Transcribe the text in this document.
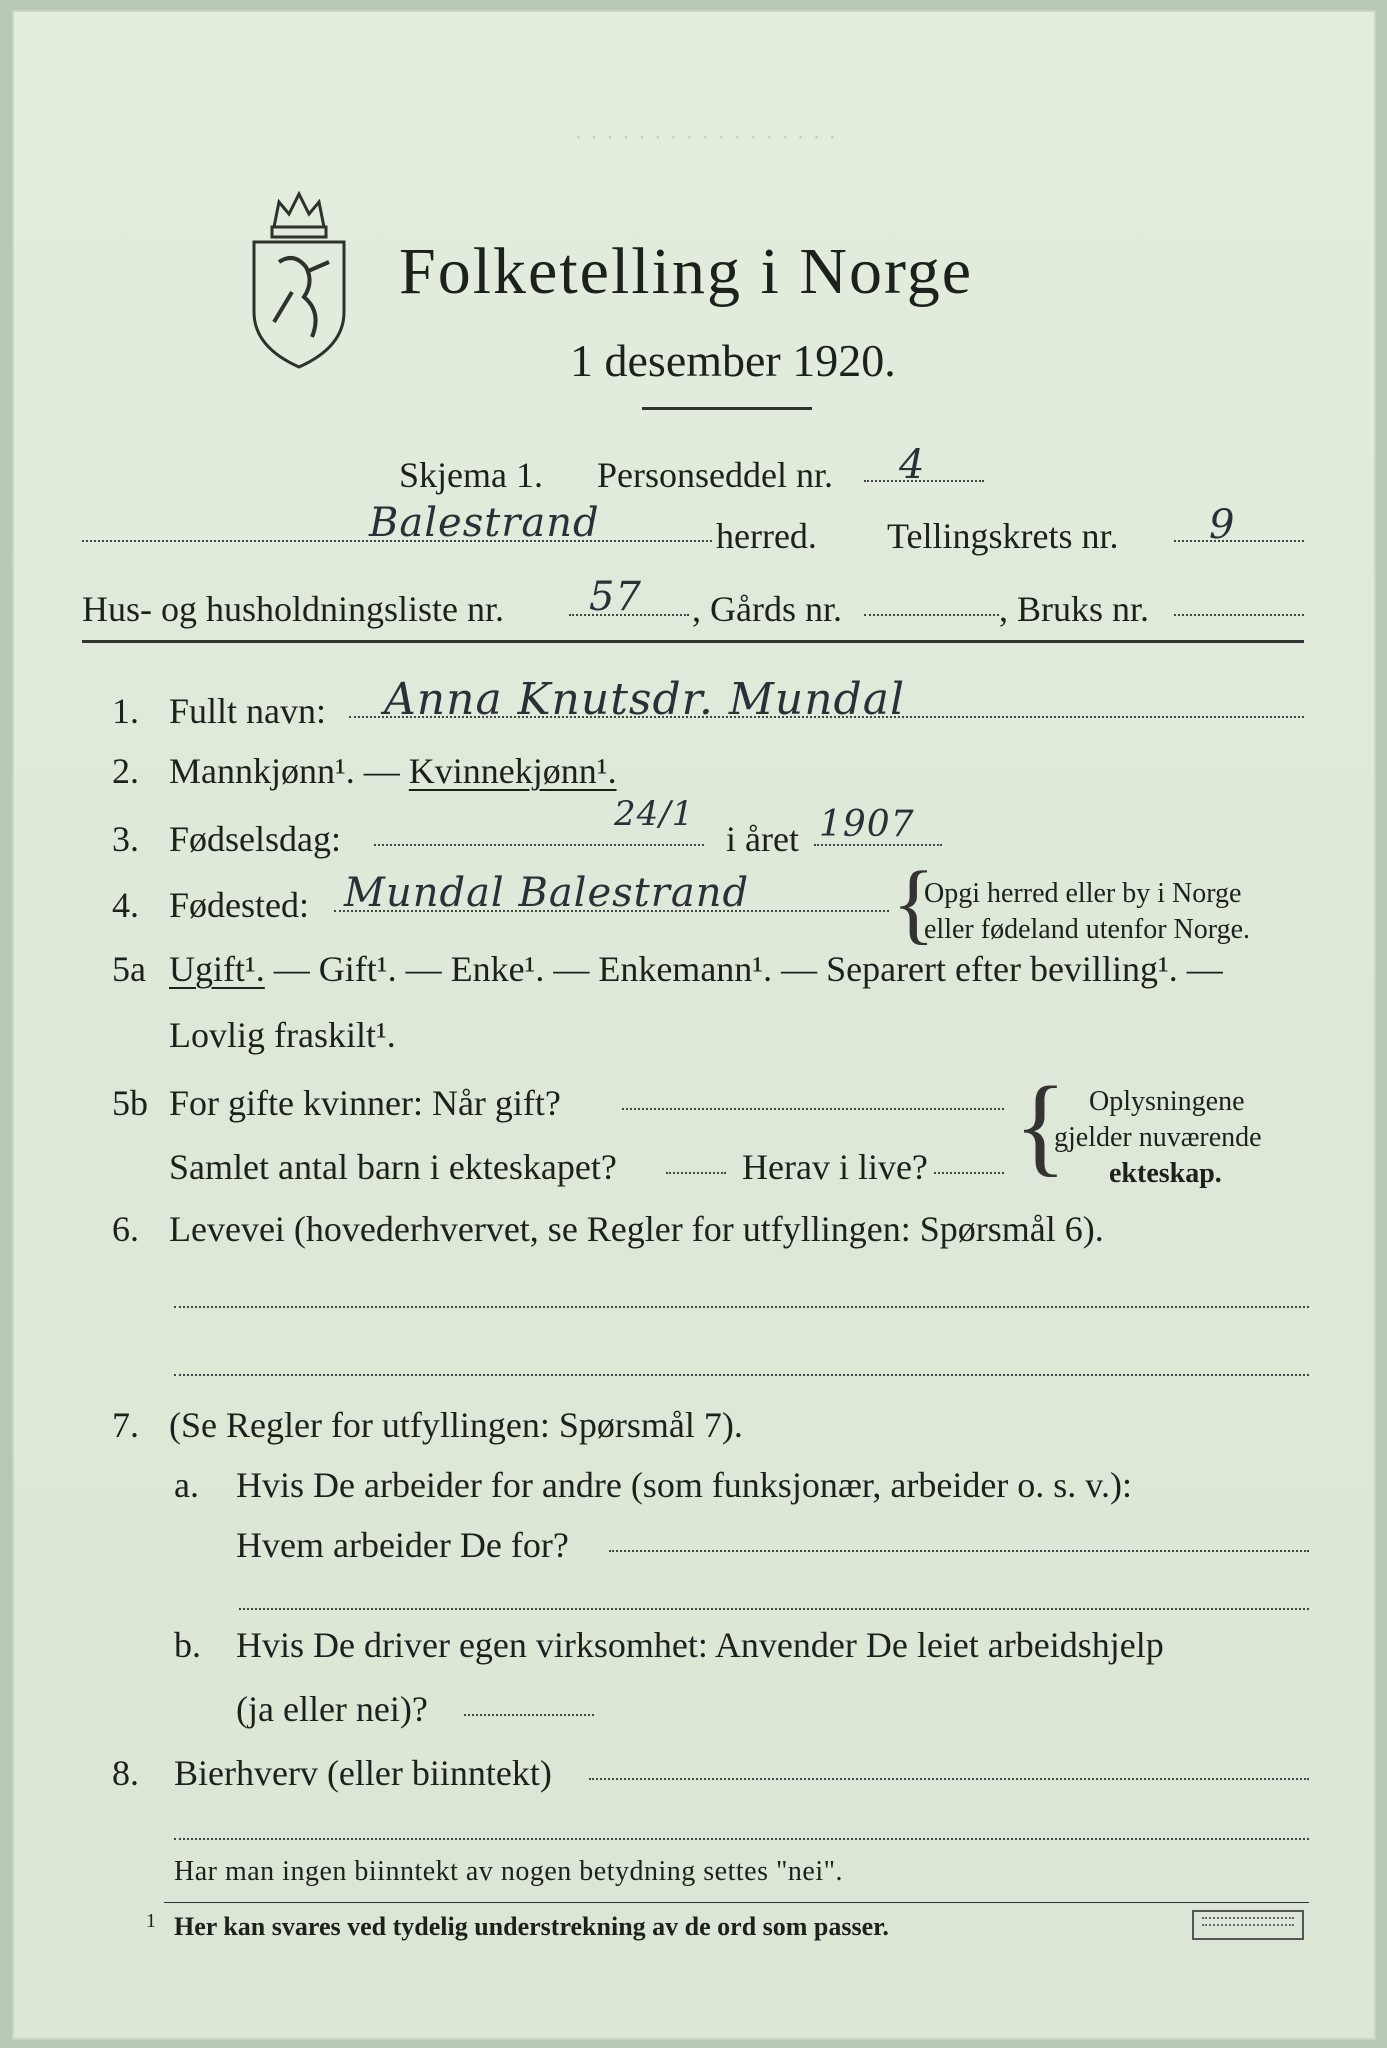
Folketelling i Norge
1 desember 1920.
· · · · · · · · · · · · · · · · ·
Skjema 1. Personseddel nr. 4
Balestrand	herred. Tellingskrets nr. 9
Hus- og husholdningsliste nr. 57 , Gårds nr.	, Bruks nr.
1. Fullt navn: Anna Knutsdr. Mundal
2. Mannkjønn¹. — Kvinnekjønn¹.
3. Fødselsdag:
24/1
i året 1907
4. Fødested: Mundal Balestrand {
Opgi herred eller by i Norge
eller fødeland utenfor Norge.
5a Ugift¹. — Gift¹. — Enke¹. — Enkemann¹. — Separert efter bevilling¹. —
Lovlig fraskilt¹.
5b For gifte kvinner: Når gift?
Samlet antal barn i ekteskapet?	Herav i live? { Oplysningene
gjelder nuværende
ekteskap.
6. Levevei (hovederhvervet, se Regler for utfyllingen: Spørsmål 6).
7. (Se Regler for utfyllingen: Spørsmål 7).
a. Hvis De arbeider for andre (som funksjonær, arbeider o. s. v.):
Hvem arbeider De for?
b. Hvis De driver egen virksomhet: Anvender De leiet arbeidshjelp
(ja eller nei)?
8. Bierhverv (eller biinntekt)
Har man ingen biinntekt av nogen betydning settes "nei".
1 Her kan svares ved tydelig understrekning av de ord som passer.
